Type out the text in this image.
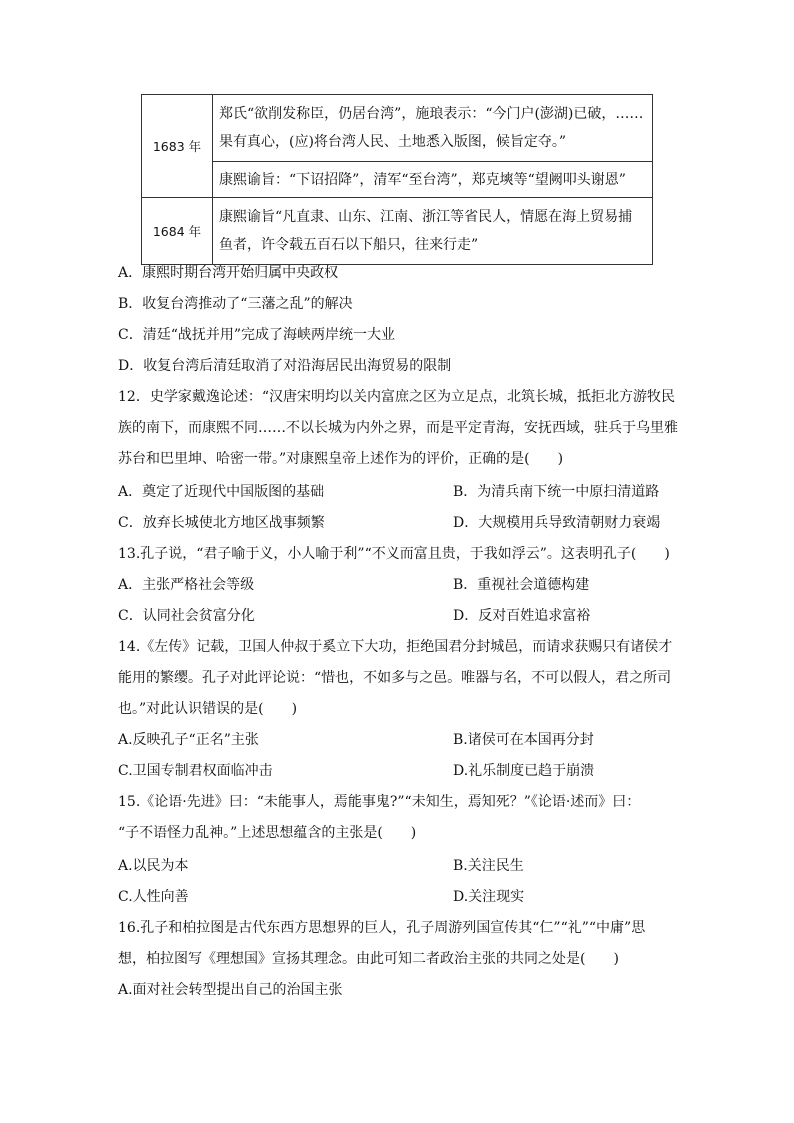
1683 年	郑氏“欲削发称臣，仍居台湾”，施琅表示：“今门户(澎湖)已破，……果有真心，(应)将台湾人民、土地悉入版图，候旨定夺。”
	康熙谕旨：“下诏招降”，清军“至台湾”，郑克塽等“望阙叩头谢恩”
1684 年	康熙谕旨“凡直隶、山东、江南、浙江等省民人，情愿在海上贸易捕鱼者，许令载五百石以下船只，往来行走”
A．康熙时期台湾开始归属中央政权
B．收复台湾推动了“三藩之乱”的解决
C．清廷“战抚并用”完成了海峡两岸统一大业
D．收复台湾后清廷取消了对沿海居民出海贸易的限制
12．史学家戴逸论述：“汉唐宋明均以关内富庶之区为立足点，北筑长城，抵拒北方游牧民
族的南下，而康熙不同……不以长城为内外之界，而是平定青海，安抚西域，驻兵于乌里雅
苏台和巴里坤、哈密一带。”对康熙皇帝上述作为的评价，正确的是(　　)
A．奠定了近现代中国版图的基础	B．为清兵南下统一中原扫清道路
C．放弃长城使北方地区战事频繁	D．大规模用兵导致清朝财力衰竭
13.孔子说，“君子喻于义，小人喻于利”“不义而富且贵，于我如浮云”。这表明孔子(　　)
A．主张严格社会等级	B．重视社会道德构建
C．认同社会贫富分化	D．反对百姓追求富裕
14.《左传》记载，卫国人仲叔于奚立下大功，拒绝国君分封城邑，而请求获赐只有诸侯才
能用的繁缨。孔子对此评论说：“惜也，不如多与之邑。唯器与名，不可以假人，君之所司
也。”对此认识错误的是(　　)
A.反映孔子“正名”主张	B.诸侯可在本国再分封
C.卫国专制君权面临冲击	D.礼乐制度已趋于崩溃
15.《论语·先进》曰：“未能事人，焉能事鬼?”“未知生，焉知死？”《论语·述而》曰：
“子不语怪力乱神。”上述思想蕴含的主张是(　　)
A.以民为本	B.关注民生
C.人性向善	D.关注现实
16.孔子和柏拉图是古代东西方思想界的巨人，孔子周游列国宣传其“仁”“礼”“中庸”思
想，柏拉图写《理想国》宣扬其理念。由此可知二者政治主张的共同之处是(　　)
A.面对社会转型提出自己的治国主张
